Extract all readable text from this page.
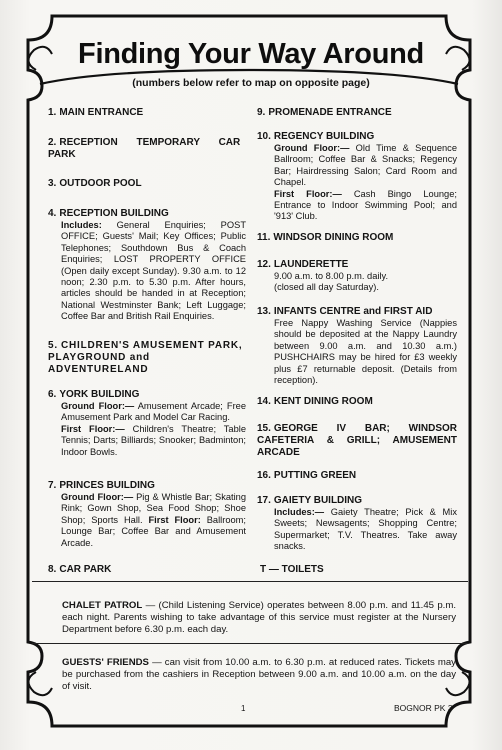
Finding Your Way Around
(numbers below refer to map on opposite page)
1. MAIN ENTRANCE
2. RECEPTION TEMPORARY CAR PARK
3. OUTDOOR POOL
4. RECEPTION BUILDING
Includes: General Enquiries; POST OFFICE; Guests' Mail; Key Offices; Public Telephones; Southdown Bus & Coach Enquiries; LOST PROPERTY OFFICE (Open daily except Sunday). 9.30 a.m. to 12 noon; 2.30 p.m. to 5.30 p.m. After hours, articles should be handed in at Reception; National Westminster Bank; Left Luggage; Coffee Bar and British Rail Enquiries.
5. CHILDREN'S AMUSEMENT PARK, PLAYGROUND and ADVENTURELAND
6. YORK BUILDING
Ground Floor:— Amusement Arcade; Free Amusement Park and Model Car Racing.
First Floor:— Children's Theatre; Table Tennis; Darts; Billiards; Snooker; Badminton; Indoor Bowls.
7. PRINCES BUILDING
Ground Floor:— Pig & Whistle Bar; Skating Rink; Gown Shop, Sea Food Shop; Shoe Shop; Sports Hall. First Floor: Ballroom; Lounge Bar; Coffee Bar and Amusement Arcade.
8. CAR PARK
9. PROMENADE ENTRANCE
10. REGENCY BUILDING
Ground Floor:— Old Time & Sequence Ballroom; Coffee Bar & Snacks; Regency Bar; Hairdressing Salon; Card Room and Chapel.
First Floor:— Cash Bingo Lounge; Entrance to Indoor Swimming Pool; and '913' Club.
11. WINDSOR DINING ROOM
12. LAUNDERETTE
9.00 a.m. to 8.00 p.m. daily. (closed all day Saturday).
13. INFANTS CENTRE and FIRST AID
Free Nappy Washing Service (Nappies should be deposited at the Nappy Laundry between 9.00 a.m. and 10.30 a.m.) PUSHCHAIRS may be hired for £3 weekly plus £7 returnable deposit. (Details from reception).
14. KENT DINING ROOM
15. GEORGE IV BAR; WINDSOR CAFETERIA & GRILL; AMUSEMENT ARCADE
16. PUTTING GREEN
17. GAIETY BUILDING
Includes:— Gaiety Theatre; Pick & Mix Sweets; Newsagents; Shopping Centre; Supermarket; T.V. Theatres. Take away snacks.
T — TOILETS
CHALET PATROL — (Child Listening Service) operates between 8.00 p.m. and 11.45 p.m. each night. Parents wishing to take advantage of this service must register at the Nursery Department before 6.30 p.m. each day.
GUESTS' FRIENDS — can visit from 10.00 a.m. to 6.30 p.m. at reduced rates. Tickets may be purchased from the cashiers in Reception between 9.00 a.m. and 10.00 a.m. on the day of visit.
1	BOGNOR PK 3
